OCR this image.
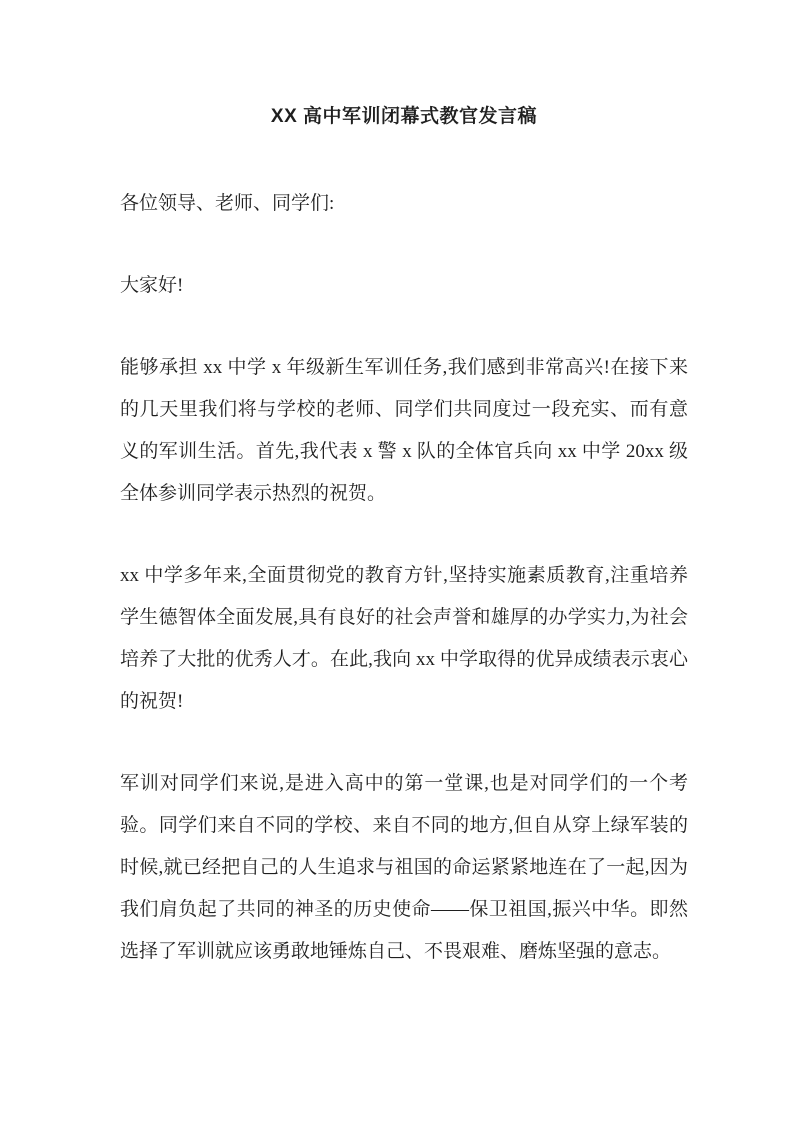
XX 高中军训闭幕式教官发言稿

各位领导、老师、同学们:

大家好!

能够承担 xx 中学 x 年级新生军训任务,我们感到非常高兴!在接下来的几天里我们将与学校的老师、同学们共同度过一段充实、而有意义的军训生活。首先,我代表 x 警 x 队的全体官兵向 xx 中学 20xx 级全体参训同学表示热烈的祝贺。

xx 中学多年来,全面贯彻党的教育方针,坚持实施素质教育,注重培养学生德智体全面发展,具有良好的社会声誉和雄厚的办学实力,为社会培养了大批的优秀人才。在此,我向 xx 中学取得的优异成绩表示衷心的祝贺!

军训对同学们来说,是进入高中的第一堂课,也是对同学们的一个考验。同学们来自不同的学校、来自不同的地方,但自从穿上绿军装的时候,就已经把自己的人生追求与祖国的命运紧紧地连在了一起,因为我们肩负起了共同的神圣的历史使命——保卫祖国,振兴中华。即然选择了军训就应该勇敢地锤炼自己、不畏艰难、磨炼坚强的意志。
